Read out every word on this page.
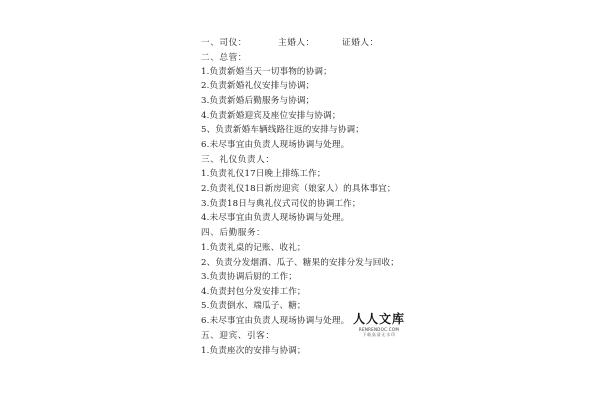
一、司仪：	主婚人：	证婚人：
二、总管：
1.负责新婚当天一切事物的协调；
2.负责新婚礼仪安排与协调；
3.负责新婚后勤服务与协调；
4.负责新婚迎宾及座位安排与协调；
5、负责新婚车辆线路往返的安排与协调；
6.未尽事宜由负责人现场协调与处理。
三、礼仪负责人：
1.负责礼仪17日晚上排练工作；
2.负责礼仪18日新房迎宾（娘家人）的具体事宜；
3.负责18日与典礼仪式司仪的协调工作；
4.未尽事宜由负责人现场协调与处理。
四、后勤服务：
1.负责礼桌的记账、收礼；
2、负责分发烟酒、瓜子、糖果的安排分发与回收；
3.负责协调后厨的工作；
4.负责封包分发安排工作；
5.负责倒水、端瓜子、糖；
6.未尽事宜由负责人现场协调与处理。
五、迎宾、引客：
1.负责座次的安排与协调；
人人文库
RENRENDOC.COM
下载高清无水印
